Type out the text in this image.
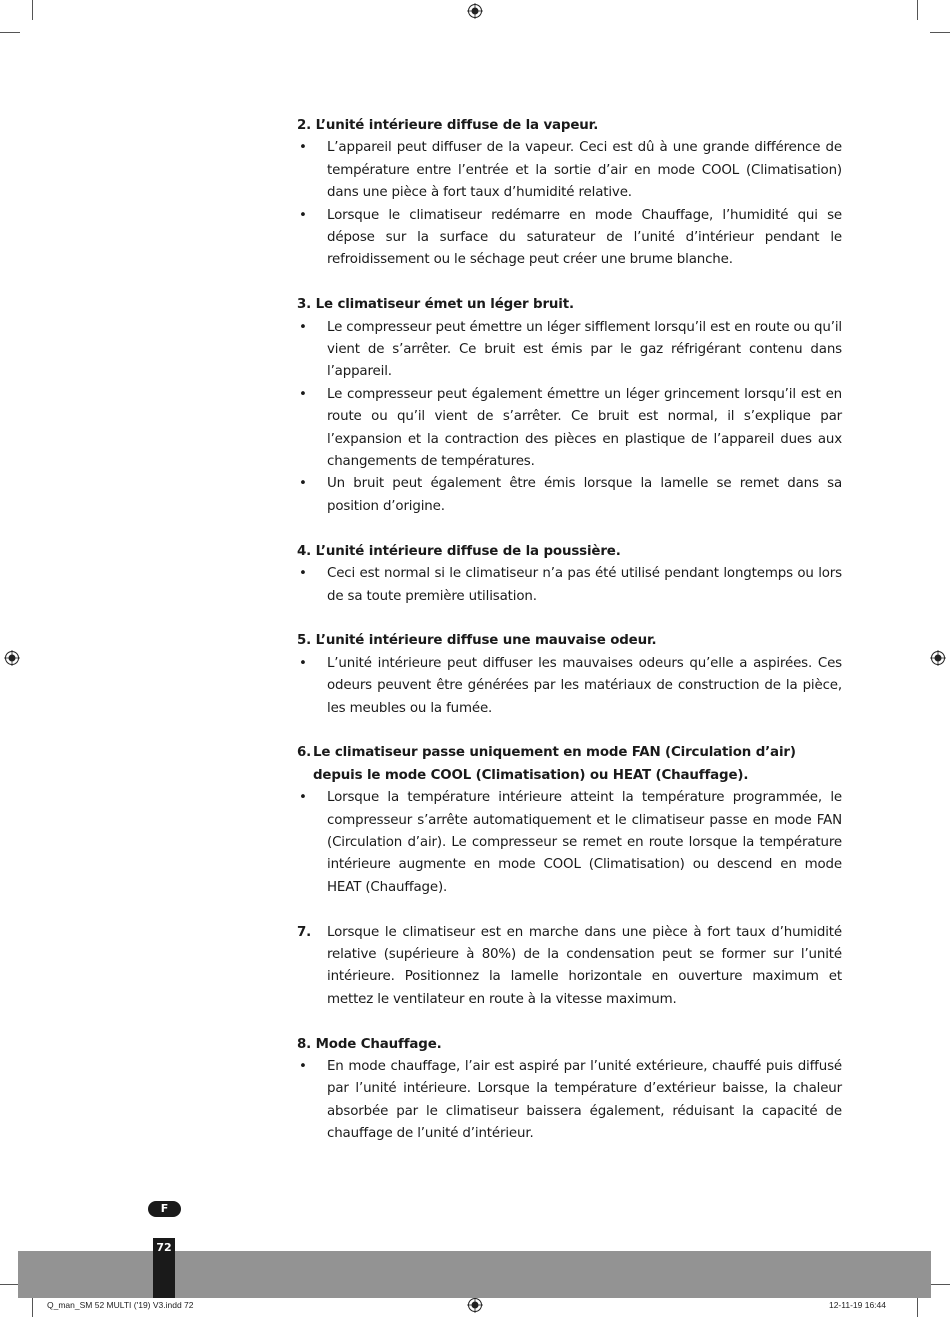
2. L’unité intérieure diffuse de la vapeur.

•	L’appareil peut diffuser de la vapeur. Ceci est dû à une grande différence de température entre l’entrée et la sortie d’air en mode COOL (Climatisation) dans une pièce à fort taux d’humidité relative.
•	Lorsque le climatiseur redémarre en mode Chauffage, l’humidité qui se dépose sur la surface du saturateur de l’unité d’intérieur pendant le refroidissement ou le séchage peut créer une brume blanche.

3. Le climatiseur émet un léger bruit.

•	Le compresseur peut émettre un léger sifflement lorsqu’il est en route ou qu’il vient de s’arrêter. Ce bruit est émis par le gaz réfrigérant contenu dans l’appareil.
•	Le compresseur peut également émettre un léger grincement lorsqu’il est en route ou qu’il vient de s’arrêter. Ce bruit est normal, il s’explique par l’expansion et la contraction des pièces en plastique de l’appareil dues aux changements de températures.
•	Un bruit peut également être émis lorsque la lamelle se remet dans sa position d’origine.

4. L’unité intérieure diffuse de la poussière.

•	Ceci est normal si le climatiseur n’a pas été utilisé pendant longtemps ou lors de sa toute première utilisation.

5. L’unité intérieure diffuse une mauvaise odeur.

•	L’unité intérieure peut diffuser les mauvaises odeurs qu’elle a aspirées. Ces odeurs peuvent être générées par les matériaux de construction de la pièce, les meubles ou la fumée.

6. Le climatiseur passe uniquement en mode FAN (Circulation d’air) depuis le mode COOL (Climatisation) ou HEAT (Chauffage).

•	Lorsque la température intérieure atteint la température programmée, le compresseur s’arrête automatiquement et le climatiseur passe en mode FAN (Circulation d’air). Le compresseur se remet en route lorsque la température intérieure augmente en mode COOL (Climatisation) ou descend en mode HEAT (Chauffage).
7.	Lorsque le climatiseur est en marche dans une pièce à fort taux d’humidité relative (supérieure à 80%) de la condensation peut se former sur l’unité intérieure. Positionnez la lamelle horizontale en ouverture maximum et mettez le ventilateur en route à la vitesse maximum.

8. Mode Chauffage.

•	En mode chauffage, l’air est aspiré par l’unité extérieure, chauffé puis diffusé par l’unité intérieure. Lorsque la température d’extérieur baisse, la chaleur absorbée par le climatiseur baissera également, réduisant la capacité de chauffage de l’unité d’intérieur.
F
72
Q_man_SM 52 MULTI ('19) V3.indd 72	12-11-19 16:44
